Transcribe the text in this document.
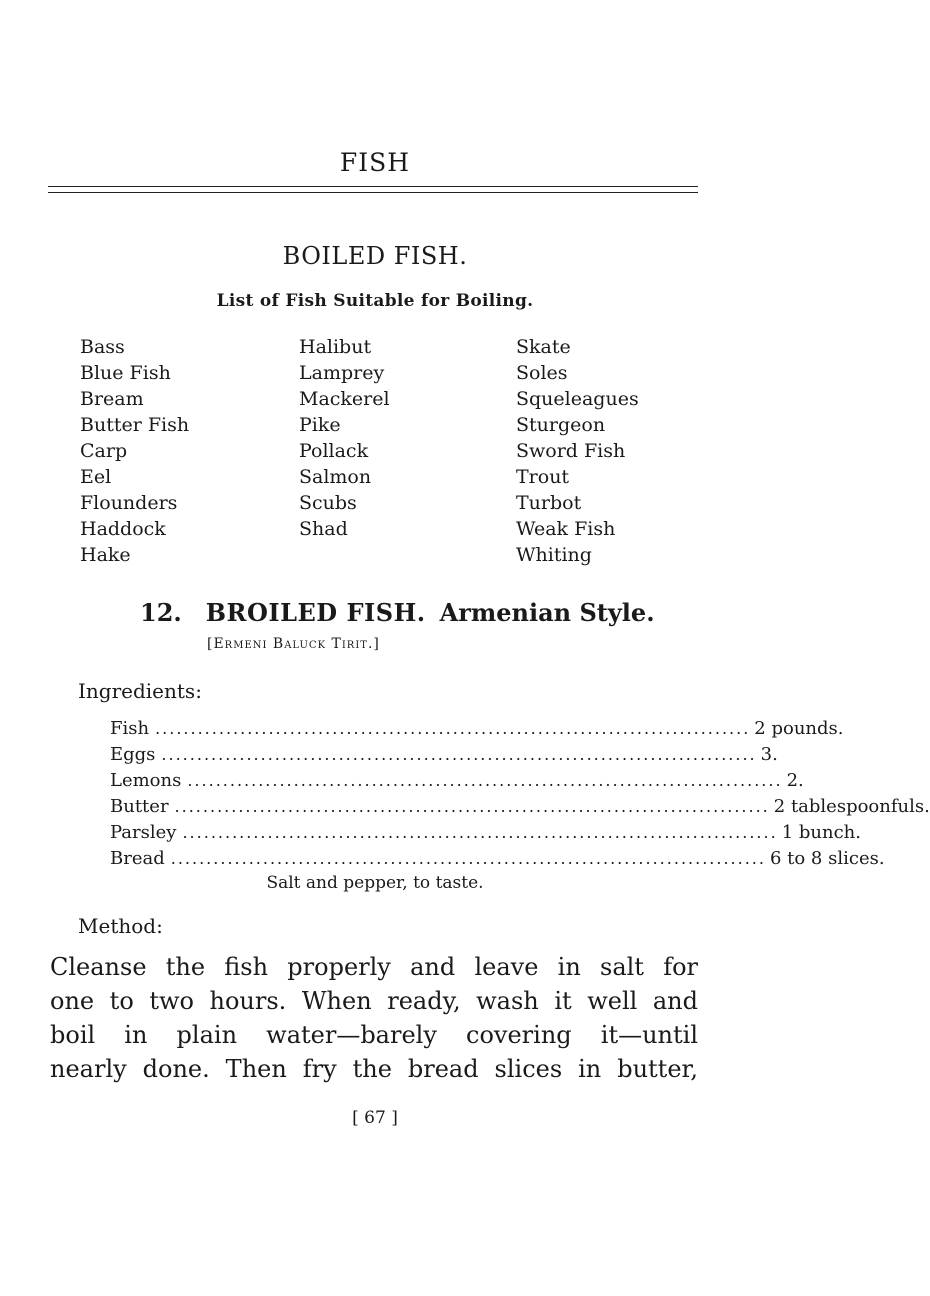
FISH
BOILED FISH.
List of Fish Suitable for Boiling.
Bass
Blue Fish
Bream
Butter Fish
Carp
Eel
Flounders
Haddock
Hake
Halibut
Lamprey
Mackerel
Pike
Pollack
Salmon
Scubs
Shad
Skate
Soles
Squeleagues
Sturgeon
Sword Fish
Trout
Turbot
Weak Fish
Whiting
12. BROILED FISH. Armenian Style.
[Ermeni Baluck Tirit.]
Ingredients:
Fish .................................................................................... 2 pounds.
Eggs .................................................................................... 3.
Lemons .................................................................................... 2.
Butter .................................................................................... 2 tablespoonfuls.
Parsley .................................................................................... 1 bunch.
Bread .................................................................................... 6 to 8 slices.
Salt and pepper, to taste.
Method:
Cleanse the fish properly and leave in salt for
one to two hours. When ready, wash it well and
boil in plain water—barely covering it—until
nearly done. Then fry the bread slices in butter,
[ 67 ]
